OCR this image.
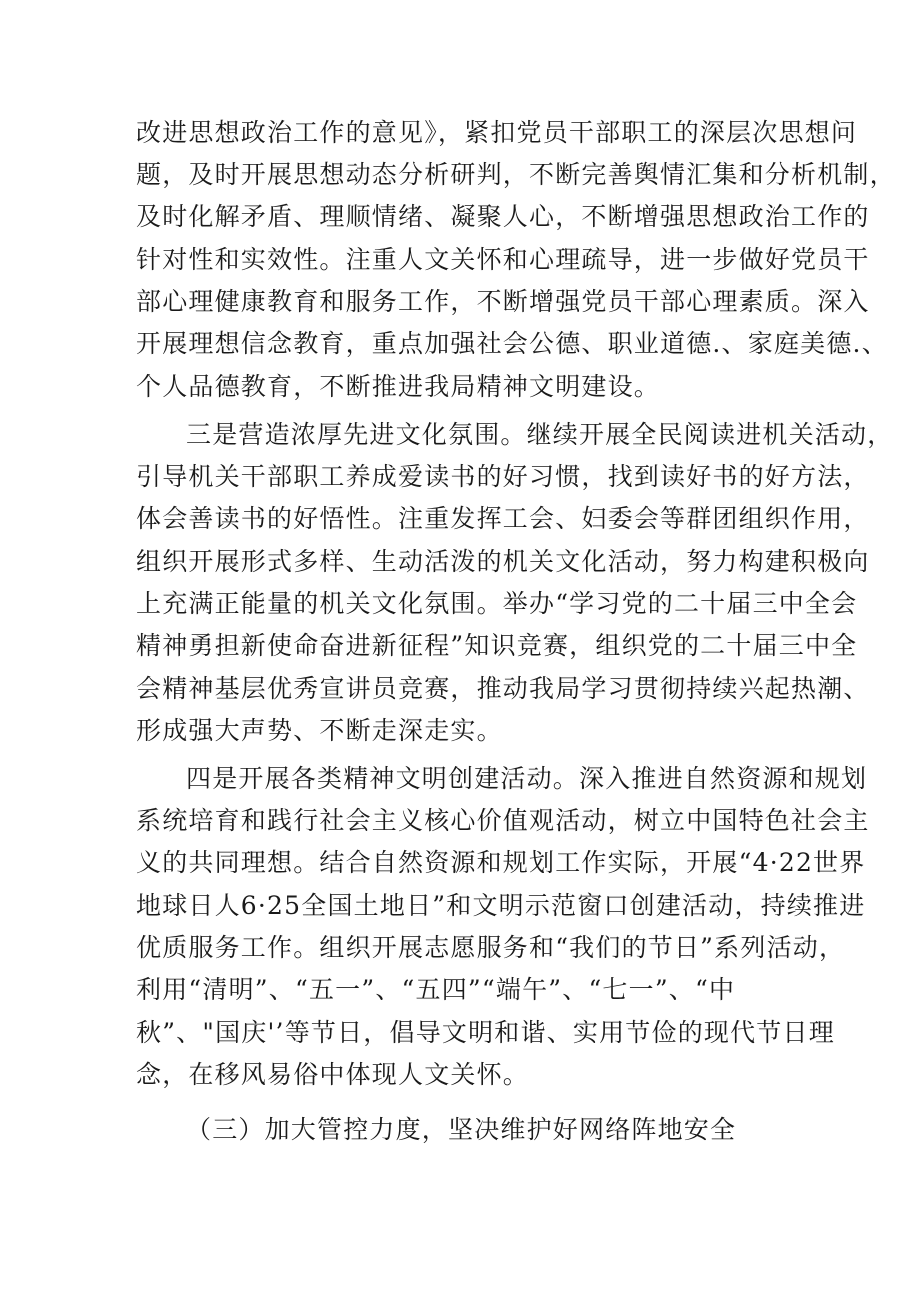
改进思想政治工作的意见》，紧扣党员干部职工的深层次思想问
题，及时开展思想动态分析研判，不断完善舆情汇集和分析机制，
及时化解矛盾、理顺情绪、凝聚人心，不断增强思想政治工作的
针对性和实效性。注重人文关怀和心理疏导，进一步做好党员干
部心理健康教育和服务工作，不断增强党员干部心理素质。深入
开展理想信念教育，重点加强社会公德、职业道德.、家庭美德.、
个人品德教育，不断推进我局精神文明建设。
三是营造浓厚先进文化氛围。继续开展全民阅读进机关活动，
引导机关干部职工养成爱读书的好习惯，找到读好书的好方法，
体会善读书的好悟性。注重发挥工会、妇委会等群团组织作用，
组织开展形式多样、生动活泼的机关文化活动，努力构建积极向
上充满正能量的机关文化氛围。举办“学习党的二十届三中全会
精神勇担新使命奋进新征程”知识竞赛，组织党的二十届三中全
会精神基层优秀宣讲员竞赛，推动我局学习贯彻持续兴起热潮、
形成强大声势、不断走深走实。
四是开展各类精神文明创建活动。深入推进自然资源和规划
系统培育和践行社会主义核心价值观活动，树立中国特色社会主
义的共同理想。结合自然资源和规划工作实际，开展“4·22世界
地球日人6·25全国土地日”和文明示范窗口创建活动，持续推进
优质服务工作。组织开展志愿服务和“我们的节日”系列活动，
利用“清明”、“五一”、“五四”“端午”、“七一”、“中
秋”、"国庆'’等节日，倡导文明和谐、实用节俭的现代节日理
念，在移风易俗中体现人文关怀。
（三）加大管控力度，坚决维护好网络阵地安全
